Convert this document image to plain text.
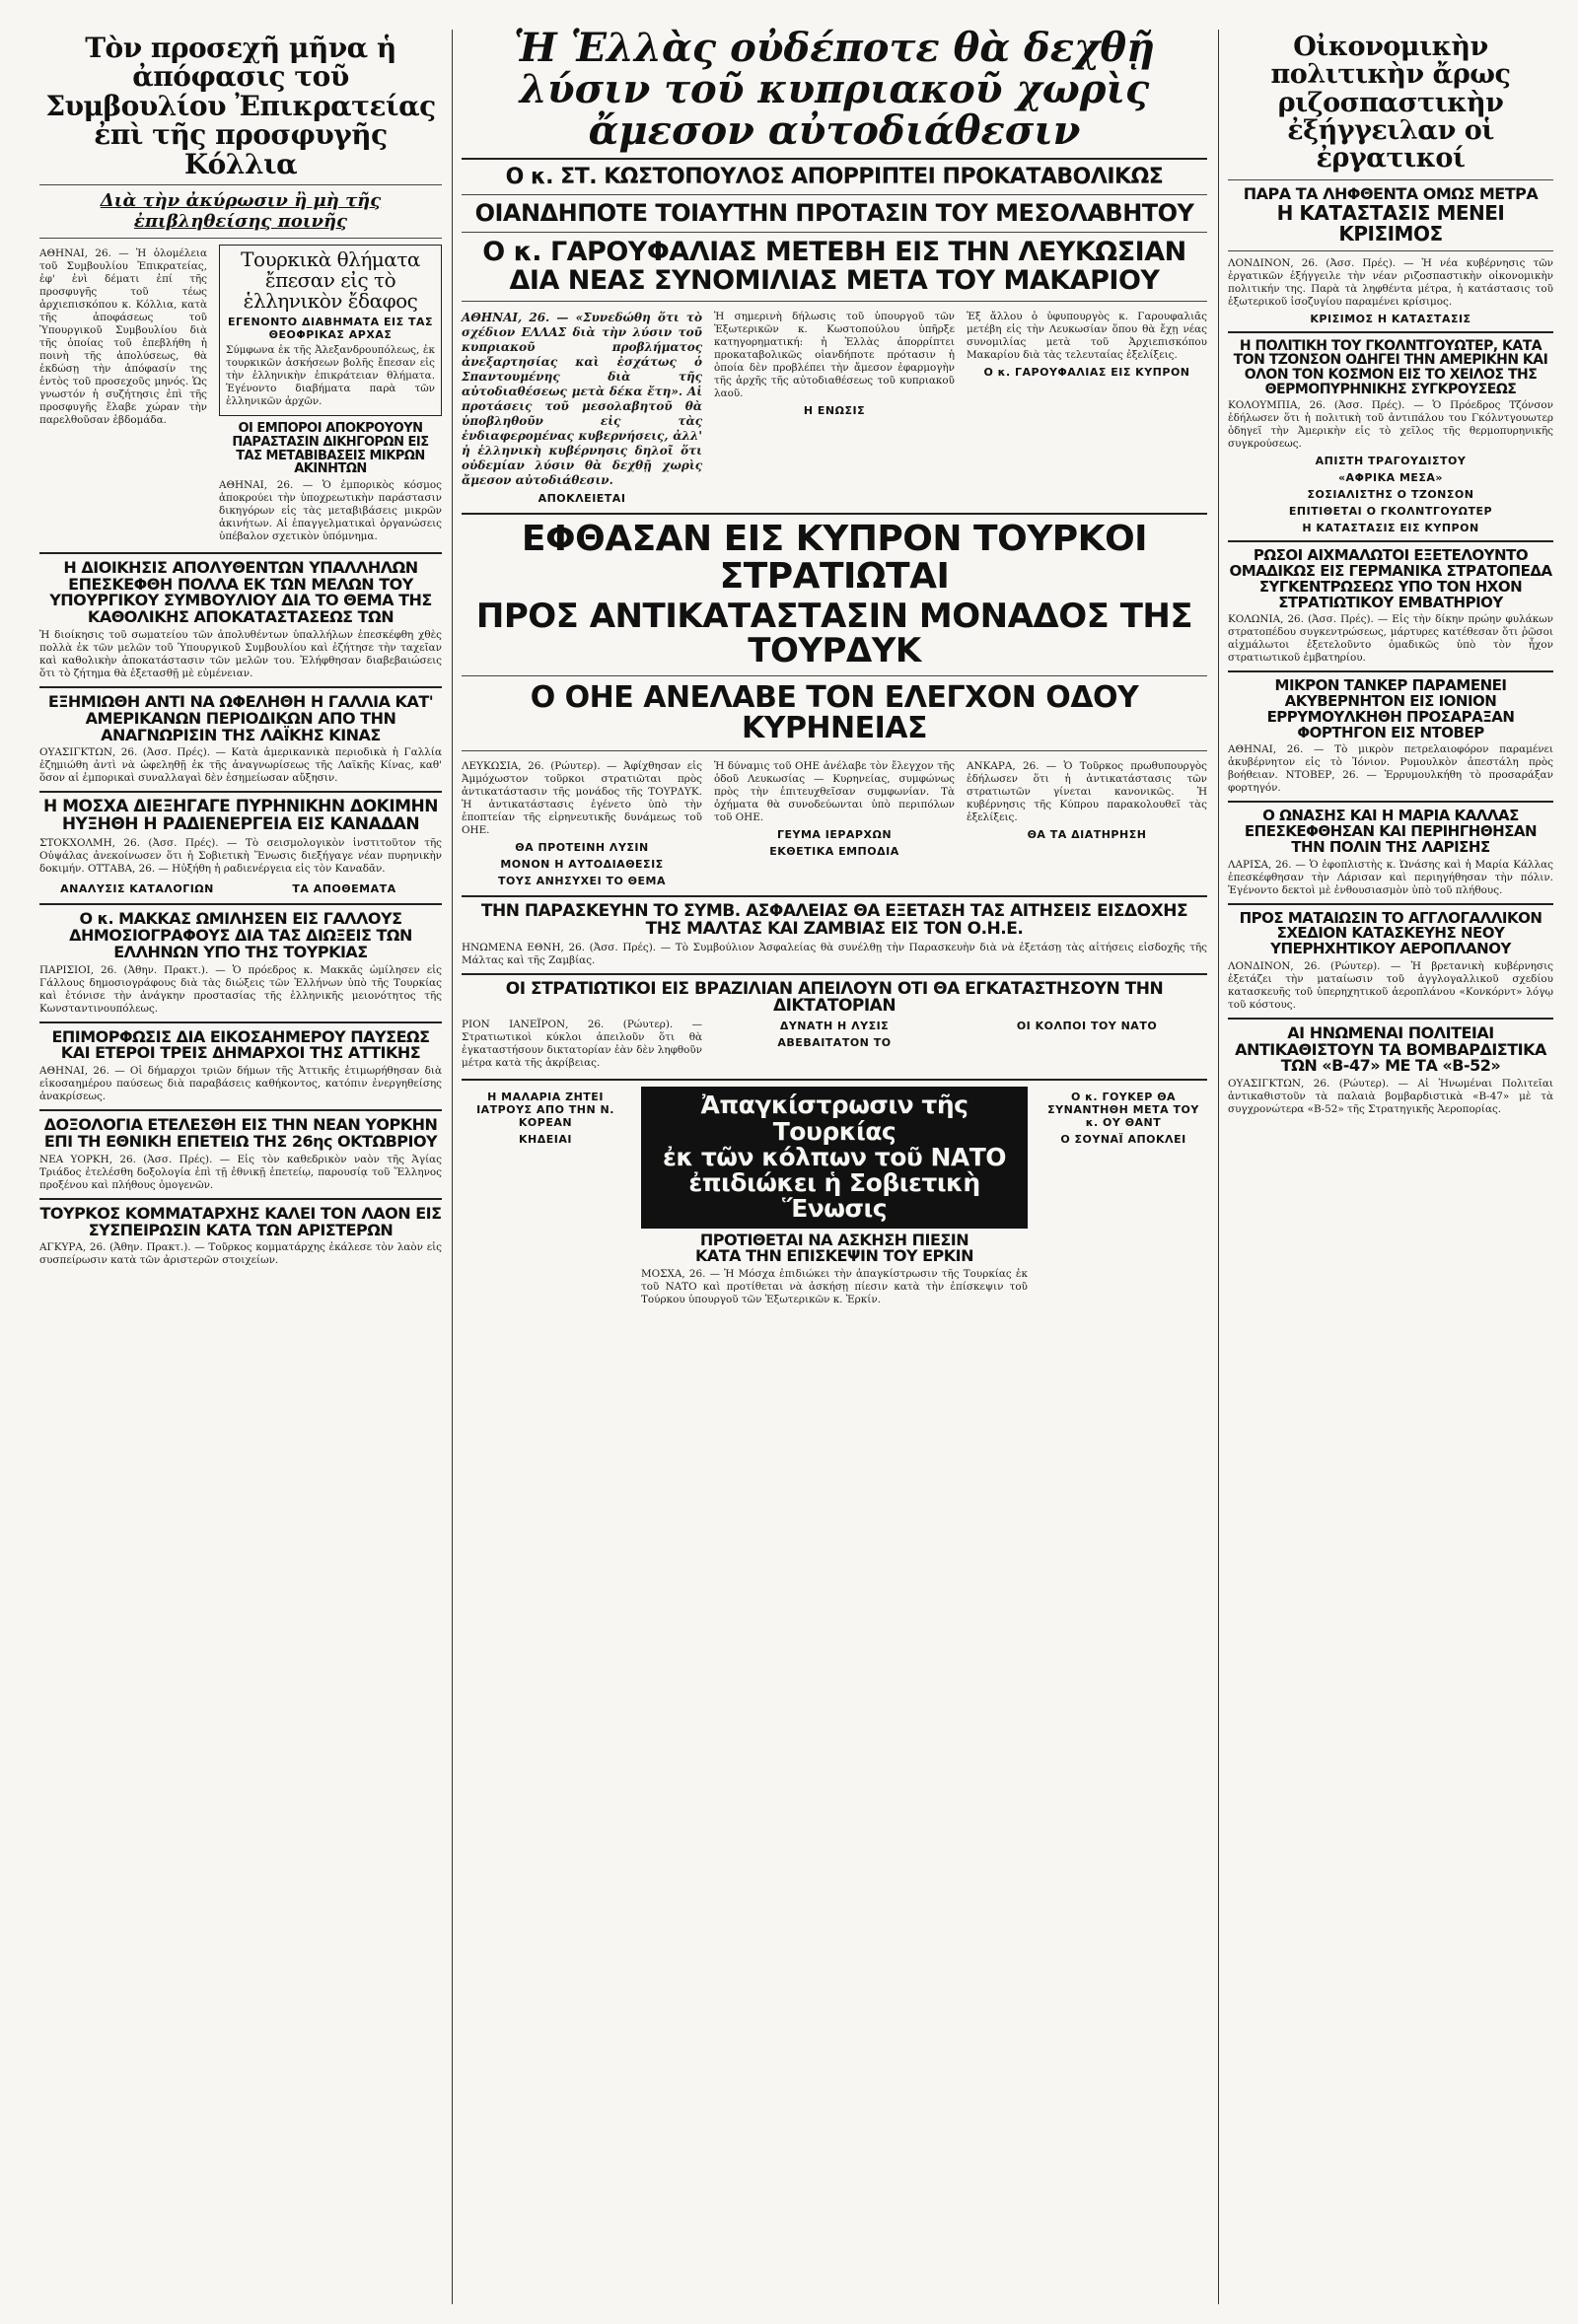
Τὸν προσεχῆ μῆνα ἡ ἀπόφασις τοῦ Συμβουλίου Ἐπικρατείας ἐπὶ τῆς προσφυγῆς Κόλλια
Διὰ τὴν ἀκύρωσιν ἢ μὴ τῆς ἐπιβληθείσης ποινῆς

ΑΘΗΝΑΙ, 26. — Ἡ ὁλομέλεια τοῦ Συμβουλίου Ἐπικρατείας, ἐφ' ἑνὶ δέματι ἐπί τῆς προσφυγῆς τοῦ τέως ἀρχιεπισκόπου κ. Κόλλια, κατὰ τῆς ἀποφάσεως τοῦ Ὑπουργικοῦ Συμβουλίου διὰ τῆς ὁποίας τοῦ ἐπεβλήθη ἡ ποινὴ τῆς ἀπολύσεως, θὰ ἐκδώσῃ τὴν ἀπόφασίν της ἐντὸς τοῦ προσεχοῦς μηνός. Ὡς γνωστόν ἡ συζήτησις ἐπὶ τῆς προσφυγῆς ἔλαβε χώραν τὴν παρελθοῦσαν ἑβδομάδα.

Τουρκικὰ θλήματα ἔπεσαν εἰς τὸ ἑλληνικὸν ἔδαφος
ΕΓΕΝΟΝΤΟ ΔΙΑΒΗΜΑΤΑ ΕΙΣ ΤΑΣ ΘΕΟΦΡΙΚΑΣ ΑΡΧΑΣ

Σύμφωνα ἐκ τῆς Ἀλεξανδρουπόλεως, ἐκ τουρκικῶν ἀσκήσεων βολῆς ἔπεσαν εἰς τὴν ἑλληνικὴν ἐπικράτειαν θλήματα. Ἐγένοντο διαβήματα παρὰ τῶν ἑλληνικῶν ἀρχῶν.

ΟΙ ΕΜΠΟΡΟΙ ΑΠΟΚΡΟΥΟΥΝ ΠΑΡΑΣΤΑΣΙΝ ΔΙΚΗΓΟΡΩΝ ΕΙΣ ΤΑΣ ΜΕΤΑΒΙΒΑΣΕΙΣ ΜΙΚΡΩΝ ΑΚΙΝΗΤΩΝ

ΑΘΗΝΑΙ, 26. — Ὁ ἐμπορικὸς κόσμος ἀποκρούει τὴν ὑποχρεωτικὴν παράστασιν δικηγόρων εἰς τὰς μεταβιβάσεις μικρῶν ἀκινήτων. Αἱ ἐπαγγελματικαὶ ὀργανώσεις ὑπέβαλον σχετικὸν ὑπόμνημα.

Η ΔΙΟΙΚΗΣΙΣ ΑΠΟΛΥΘΕΝΤΩΝ ΥΠΑΛΛΗΛΩΝ ΕΠΕΣΚΕΦΘΗ ΠΟΛΛΑ ΕΚ ΤΩΝ ΜΕΛΩΝ ΤΟΥ ΥΠΟΥΡΓΙΚΟΥ ΣΥΜΒΟΥΛΙΟΥ ΔΙΑ ΤΟ ΘΕΜΑ ΤΗΣ ΚΑΘΟΛΙΚΗΣ ΑΠΟΚΑΤΑΣΤΑΣΕΩΣ ΤΩΝ

Ἡ διοίκησις τοῦ σωματείου τῶν ἀπολυθέντων ὑπαλλήλων ἐπεσκέφθη χθὲς πολλὰ ἐκ τῶν μελῶν τοῦ Ὑπουργικοῦ Συμβουλίου καὶ ἐζήτησε τὴν ταχεῖαν καὶ καθολικὴν ἀποκατάστασιν τῶν μελῶν του. Ἐλήφθησαν διαβεβαιώσεις ὅτι τὸ ζήτημα θὰ ἐξετασθῇ μὲ εὐμένειαν.

ΕΞΗΜΙΩΘΗ ΑΝΤΙ ΝΑ ΩΦΕΛΗΘΗ Η ΓΑΛΛΙΑ ΚΑΤ' ΑΜΕΡΙΚΑΝΩΝ ΠΕΡΙΟΔΙΚΩΝ ΑΠΟ ΤΗΝ ΑΝΑΓΝΩΡΙΣΙΝ ΤΗΣ ΛΑΪΚΗΣ ΚΙΝΑΣ

ΟΥΑΣΙΓΚΤΩΝ, 26. (Ἀσσ. Πρές). — Κατὰ ἀμερικανικὰ περιοδικὰ ἡ Γαλλία ἐζημιώθη ἀντὶ νὰ ὠφεληθῇ ἐκ τῆς ἀναγνωρίσεως τῆς Λαϊκῆς Κίνας, καθ' ὅσον αἱ ἐμπορικαὶ συναλλαγαὶ δὲν ἐσημείωσαν αὔξησιν.

Η ΜΟΣΧΑ ΔΙΕΞΗΓΑΓΕ ΠΥΡΗΝΙΚΗΝ ΔΟΚΙΜΗΝ ΗΥΞΗΘΗ Η ΡΑΔΙΕΝΕΡΓΕΙΑ ΕΙΣ ΚΑΝΑΔΑΝ

ΣΤΟΚΧΟΛΜΗ, 26. (Ἀσσ. Πρές). — Τὸ σεισμολογικὸν ἰνστιτοῦτον τῆς Οὐψάλας ἀνεκοίνωσεν ὅτι ἡ Σοβιετικὴ Ἕνωσις διεξήγαγε νέαν πυρηνικὴν δοκιμήν. ΟΤΤΑΒΑ, 26. — Ηὐξήθη ἡ ραδιενέργεια εἰς τὸν Καναδᾶν.

ΑΝΑΛΥΣΙΣ ΚΑΤΑΛΟΓΙΩΝ	ΤΑ ΑΠΟΘΕΜΑΤΑ
Ο κ. ΜΑΚΚΑΣ ΩΜΙΛΗΣΕΝ ΕΙΣ ΓΑΛΛΟΥΣ ΔΗΜΟΣΙΟΓΡΑΦΟΥΣ ΔΙΑ ΤΑΣ ΔΙΩΞΕΙΣ ΤΩΝ ΕΛΛΗΝΩΝ ΥΠΟ ΤΗΣ ΤΟΥΡΚΙΑΣ

ΠΑΡΙΣΙΟΙ, 26. (Ἀθην. Πρακτ.). — Ὁ πρόεδρος κ. Μακκᾶς ὡμίλησεν εἰς Γάλλους δημοσιογράφους διὰ τὰς διώξεις τῶν Ἑλλήνων ὑπὸ τῆς Τουρκίας καὶ ἐτόνισε τὴν ἀνάγκην προστασίας τῆς ἑλληνικῆς μειονότητος τῆς Κωνσταντινουπόλεως.

ΕΠΙΜΟΡΦΩΣΙΣ ΔΙΑ ΕΙΚΟΣΑΗΜΕΡΟΥ ΠΑΥΣΕΩΣ ΚΑΙ ΕΤΕΡΟΙ ΤΡΕΙΣ ΔΗΜΑΡΧΟΙ ΤΗΣ ΑΤΤΙΚΗΣ

ΑΘΗΝΑΙ, 26. — Οἱ δήμαρχοι τριῶν δήμων τῆς Ἀττικῆς ἐτιμωρήθησαν διὰ εἰκοσαημέρου παύσεως διὰ παραβάσεις καθήκοντος, κατόπιν ἐνεργηθείσης ἀνακρίσεως.

ΔΟΞΟΛΟΓΙΑ ΕΤΕΛΕΣΘΗ ΕΙΣ ΤΗΝ ΝΕΑΝ ΥΟΡΚΗΝ ΕΠΙ ΤΗ ΕΘΝΙΚΗ ΕΠΕΤΕΙΩ ΤΗΣ 26ης ΟΚΤΩΒΡΙΟΥ

ΝΕΑ ΥΟΡΚΗ, 26. (Ἀσσ. Πρές). — Εἰς τὸν καθεδρικὸν ναὸν τῆς Ἁγίας Τριάδος ἐτελέσθη δοξολογία ἐπὶ τῇ ἐθνικῇ ἐπετείῳ, παρουσίᾳ τοῦ Ἕλληνος προξένου καὶ πλήθους ὁμογενῶν.

ΤΟΥΡΚΟΣ ΚΟΜΜΑΤΑΡΧΗΣ ΚΑΛΕΙ ΤΟΝ ΛΑΟΝ ΕΙΣ ΣΥΣΠΕΙΡΩΣΙΝ ΚΑΤΑ ΤΩΝ ΑΡΙΣΤΕΡΩΝ

ΑΓΚΥΡΑ, 26. (Ἀθην. Πρακτ.). — Τοῦρκος κομματάρχης ἐκάλεσε τὸν λαὸν εἰς συσπείρωσιν κατὰ τῶν ἀριστερῶν στοιχείων.

Ἡ Ἑλλὰς οὐδέποτε θὰ δεχθῇ λύσιν τοῦ κυπριακοῦ χωρὶς ἄμεσον αὐτοδιάθεσιν
Ο κ. ΣΤ. ΚΩΣΤΟΠΟΥΛΟΣ ΑΠΟΡΡΙΠΤΕΙ ΠΡΟΚΑΤΑΒΟΛΙΚΩΣ
ΟΙΑΝΔΗΠΟΤΕ ΤΟΙΑΥΤΗΝ ΠΡΟΤΑΣΙΝ ΤΟΥ ΜΕΣΟΛΑΒΗΤΟΥ
Ο κ. ΓΑΡΟΥΦΑΛΙΑΣ ΜΕΤΕΒΗ ΕΙΣ ΤΗΝ ΛΕΥΚΩΣΙΑΝ ΔΙΑ ΝΕΑΣ ΣΥΝΟΜΙΛΙΑΣ ΜΕΤΑ ΤΟΥ ΜΑΚΑΡΙΟΥ

ΑΘΗΝΑΙ, 26. — «Συνεδώθη ὅτι τὸ σχέδιον ΕΛΛΑΣ διὰ τὴν λύσιν τοῦ κυπριακοῦ προβλήματος ἀνεξαρτησίας καὶ ἐσχάτως ὁ Σπαντουμένης διὰ τῆς αὐτοδιαθέσεως μετὰ δέκα ἔτη». Αἱ προτάσεις τοῦ μεσολαβητοῦ θὰ ὑποβληθοῦν εἰς τὰς ἐνδιαφερομένας κυβερνήσεις, ἀλλ' ἡ ἑλληνικὴ κυβέρνησις δηλοῖ ὅτι οὐδεμίαν λύσιν θὰ δεχθῇ χωρὶς ἄμεσον αὐτοδιάθεσιν.

ΑΠΟΚΛΕΙΕΤΑΙ

Ἡ σημερινὴ δήλωσις τοῦ ὑπουργοῦ τῶν Ἐξωτερικῶν κ. Κωστοπούλου ὑπῆρξε κατηγορηματική: ἡ Ἑλλὰς ἀπορρίπτει προκαταβολικῶς οἱανδήποτε πρότασιν ἡ ὁποία δὲν προβλέπει τὴν ἄμεσον ἐφαρμογὴν τῆς ἀρχῆς τῆς αὐτοδιαθέσεως τοῦ κυπριακοῦ λαοῦ.

Η ΕΝΩΣΙΣ

Ἐξ ἄλλου ὁ ὑφυπουργὸς κ. Γαρουφαλιᾶς μετέβη εἰς τὴν Λευκωσίαν ὅπου θὰ ἔχῃ νέας συνομιλίας μετὰ τοῦ Ἀρχιεπισκόπου Μακαρίου διὰ τὰς τελευταίας ἐξελίξεις.

Ο κ. ΓΑΡΟΥΦΑΛΙΑΣ ΕΙΣ ΚΥΠΡΟΝ
ΕΦΘΑΣΑΝ ΕΙΣ ΚΥΠΡΟΝ ΤΟΥΡΚΟΙ ΣΤΡΑΤΙΩΤΑΙ
ΠΡΟΣ ΑΝΤΙΚΑΤΑΣΤΑΣΙΝ ΜΟΝΑΔΟΣ ΤΗΣ ΤΟΥΡΔΥΚ
Ο ΟΗΕ ΑΝΕΛΑΒΕ ΤΟΝ ΕΛΕΓΧΟΝ ΟΔΟΥ ΚΥΡΗΝΕΙΑΣ

ΛΕΥΚΩΣΙΑ, 26. (Ρώυτερ). — Ἀφίχθησαν εἰς Ἀμμόχωστον τοῦρκοι στρατιῶται πρὸς ἀντικατάστασιν τῆς μονάδος τῆς ΤΟΥΡΔΥΚ. Ἡ ἀντικατάστασις ἐγένετο ὑπὸ τὴν ἐποπτείαν τῆς εἰρηνευτικῆς δυνάμεως τοῦ ΟΗΕ.

ΘΑ ΠΡΟΤΕΙΝΗ ΛΥΣΙΝ
ΜΟΝΟΝ Η ΑΥΤΟΔΙΑΘΕΣΙΣ
ΤΟΥΣ ΑΝΗΣΥΧΕΙ ΤΟ ΘΕΜΑ

Ἡ δύναμις τοῦ ΟΗΕ ἀνέλαβε τὸν ἔλεγχον τῆς ὁδοῦ Λευκωσίας — Κυρηνείας, συμφώνως πρὸς τὴν ἐπιτευχθεῖσαν συμφωνίαν. Τὰ ὀχήματα θὰ συνοδεύωνται ὑπὸ περιπόλων τοῦ ΟΗΕ.

ΓΕΥΜΑ ΙΕΡΑΡΧΩΝ
ΕΚΘΕΤΙΚΑ ΕΜΠΟΔΙΑ

ΑΝΚΑΡΑ, 26. — Ὁ Τοῦρκος πρωθυπουργὸς ἐδήλωσεν ὅτι ἡ ἀντικατάστασις τῶν στρατιωτῶν γίνεται κανονικῶς. Ἡ κυβέρνησις τῆς Κύπρου παρακολουθεῖ τὰς ἐξελίξεις.

ΘΑ ΤΑ ΔΙΑΤΗΡΗΣΗ
ΤΗΝ ΠΑΡΑΣΚΕΥΗΝ ΤΟ ΣΥΜΒ. ΑΣΦΑΛΕΙΑΣ ΘΑ ΕΞΕΤΑΣΗ ΤΑΣ ΑΙΤΗΣΕΙΣ ΕΙΣΔΟΧΗΣ ΤΗΣ ΜΑΛΤΑΣ ΚΑΙ ΖΑΜΒΙΑΣ ΕΙΣ ΤΟΝ Ο.Η.Ε.

ΗΝΩΜΕΝΑ ΕΘΝΗ, 26. (Ἀσσ. Πρές). — Τὸ Συμβούλιον Ἀσφαλείας θὰ συνέλθῃ τὴν Παρασκευὴν διὰ νὰ ἐξετάσῃ τὰς αἰτήσεις εἰσδοχῆς τῆς Μάλτας καὶ τῆς Ζαμβίας.

ΟΙ ΣΤΡΑΤΙΩΤΙΚΟΙ ΕΙΣ ΒΡΑΖΙΛΙΑΝ ΑΠΕΙΛΟΥΝ ΟΤΙ ΘΑ ΕΓΚΑΤΑΣΤΗΣΟΥΝ ΤΗΝ ΔΙΚΤΑΤΟΡΙΑΝ

ΡΙΟΝ ΙΑΝΕΪΡΟΝ, 26. (Ρώυτερ). — Στρατιωτικοὶ κύκλοι ἀπειλοῦν ὅτι θὰ ἐγκαταστήσουν δικτατορίαν ἐὰν δὲν ληφθοῦν μέτρα κατὰ τῆς ἀκρίβειας.

ΔΥΝΑΤΗ Η ΛΥΣΙΣ
ΑΒΕΒΑΙΤΑΤΟΝ ΤΟ
ΟΙ ΚΟΛΠΟΙ ΤΟΥ ΝΑΤΟ
Η ΜΑΛΑΡΙΑ ΖΗΤΕΙ ΙΑΤΡΟΥΣ ΑΠΟ ΤΗΝ Ν. ΚΟΡΕΑΝ
ΚΗΔΕΙΑΙ
Ἀπαγκίστρωσιν τῆς Τουρκίας
ἐκ τῶν κόλπων τοῦ ΝΑΤΟ
ἐπιδιώκει ἡ Σοβιετικὴ Ἕνωσις
ΠΡΟΤΙΘΕΤΑΙ ΝΑ ΑΣΚΗΣΗ ΠΙΕΣΙΝ
ΚΑΤΑ ΤΗΝ ΕΠΙΣΚΕΨΙΝ ΤΟΥ ΕΡΚΙΝ

ΜΟΣΧΑ, 26. — Ἡ Μόσχα ἐπιδιώκει τὴν ἀπαγκίστρωσιν τῆς Τουρκίας ἐκ τοῦ ΝΑΤΟ καὶ προτίθεται νὰ ἀσκήσῃ πίεσιν κατὰ τὴν ἐπίσκεψιν τοῦ Τούρκου ὑπουργοῦ τῶν Ἐξωτερικῶν κ. Ἐρκίν.

Ο κ. ΓΟΥΚΕΡ ΘΑ ΣΥΝΑΝΤΗΘΗ ΜΕΤΑ ΤΟΥ κ. ΟΥ ΘΑΝΤ
Ο ΣΟΥΝΑΪ ΑΠΟΚΛΕΙ
Οἰκονομικὴν πολιτικὴν ἄρως ριζοσπαστικὴν ἐξήγγειλαν οἱ ἐργατικοί
ΠΑΡΑ ΤΑ ΛΗΦΘΕΝΤΑ ΟΜΩΣ ΜΕΤΡΑ
Η ΚΑΤΑΣΤΑΣΙΣ ΜΕΝΕΙ ΚΡΙΣΙΜΟΣ

ΛΟΝΔΙΝΟΝ, 26. (Ἀσσ. Πρές). — Ἡ νέα κυβέρνησις τῶν ἐργατικῶν ἐξήγγειλε τὴν νέαν ριζοσπαστικὴν οἰκονομικὴν πολιτικήν της. Παρὰ τὰ ληφθέντα μέτρα, ἡ κατάστασις τοῦ ἐξωτερικοῦ ἰσοζυγίου παραμένει κρίσιμος.

ΚΡΙΣΙΜΟΣ Η ΚΑΤΑΣΤΑΣΙΣ
Η ΠΟΛΙΤΙΚΗ ΤΟΥ ΓΚΟΛΝΤΓΟΥΩΤΕΡ, ΚΑΤΑ ΤΟΝ ΤΖΟΝΣΟΝ ΟΔΗΓΕΙ ΤΗΝ ΑΜΕΡΙΚΗΝ ΚΑΙ ΟΛΟΝ ΤΟΝ ΚΟΣΜΟΝ ΕΙΣ ΤΟ ΧΕΙΛΟΣ ΤΗΣ ΘΕΡΜΟΠΥΡΗΝΙΚΗΣ ΣΥΓΚΡΟΥΣΕΩΣ

ΚΟΛΟΥΜΠΙΑ, 26. (Ἀσσ. Πρές). — Ὁ Πρόεδρος Τζόνσον ἐδήλωσεν ὅτι ἡ πολιτικὴ τοῦ ἀντιπάλου του Γκόλντγουωτερ ὁδηγεῖ τὴν Ἀμερικὴν εἰς τὸ χεῖλος τῆς θερμοπυρηνικῆς συγκρούσεως.

ΑΠΙΣΤΗ ΤΡΑΓΟΥΔΙΣΤΟΥ
«ΑΦΡΙΚΑ ΜΕΣΑ»
ΣΟΣΙΑΛΙΣΤΗΣ Ο ΤΖΟΝΣΟΝ
ΕΠΙΤΙΘΕΤΑΙ Ο ΓΚΟΛΝΤΓΟΥΩΤΕΡ
Η ΚΑΤΑΣΤΑΣΙΣ ΕΙΣ ΚΥΠΡΟΝ
ΡΩΣΟΙ ΑΙΧΜΑΛΩΤΟΙ ΕΞΕΤΕΛΟΥΝΤΟ ΟΜΑΔΙΚΩΣ ΕΙΣ ΓΕΡΜΑΝΙΚΑ ΣΤΡΑΤΟΠΕΔΑ ΣΥΓΚΕΝΤΡΩΣΕΩΣ ΥΠΟ ΤΟΝ ΗΧΟΝ ΣΤΡΑΤΙΩΤΙΚΟΥ ΕΜΒΑΤΗΡΙΟΥ

ΚΟΛΩΝΙΑ, 26. (Ἀσσ. Πρές). — Εἰς τὴν δίκην πρώην φυλάκων στρατοπέδου συγκεντρώσεως, μάρτυρες κατέθεσαν ὅτι ῥῶσοι αἰχμάλωτοι ἐξετελοῦντο ὁμαδικῶς ὑπὸ τὸν ἦχον στρατιωτικοῦ ἐμβατηρίου.

ΜΙΚΡΟΝ ΤΑΝΚΕΡ ΠΑΡΑΜΕΝΕΙ ΑΚΥΒΕΡΝΗΤΟΝ ΕΙΣ ΙΟΝΙΟΝ
ΕΡΡΥΜΟΥΛΚΗΘΗ ΠΡΟΣΑΡΑΞΑΝ ΦΟΡΤΗΓΟΝ ΕΙΣ ΝΤΟΒΕΡ

ΑΘΗΝΑΙ, 26. — Τὸ μικρὸν πετρελαιοφόρον παραμένει ἀκυβέρνητον εἰς τὸ Ἰόνιον. Ρυμουλκὸν ἀπεστάλη πρὸς βοήθειαν. ΝΤΟΒΕΡ, 26. — Ἐρρυμουλκήθη τὸ προσαράξαν φορτηγόν.

Ο ΩΝΑΣΗΣ ΚΑΙ Η ΜΑΡΙΑ ΚΑΛΛΑΣ ΕΠΕΣΚΕΦΘΗΣΑΝ ΚΑΙ ΠΕΡΙΗΓΗΘΗΣΑΝ ΤΗΝ ΠΟΛΙΝ ΤΗΣ ΛΑΡΙΣΗΣ

ΛΑΡΙΣΑ, 26. — Ὁ ἐφοπλιστὴς κ. Ὠνάσης καὶ ἡ Μαρία Κάλλας ἐπεσκέφθησαν τὴν Λάρισαν καὶ περιηγήθησαν τὴν πόλιν. Ἐγένοντο δεκτοὶ μὲ ἐνθουσιασμὸν ὑπὸ τοῦ πλήθους.

ΠΡΟΣ ΜΑΤΑΙΩΣΙΝ ΤΟ ΑΓΓΛΟΓΑΛΛΙΚΟΝ ΣΧΕΔΙΟΝ ΚΑΤΑΣΚΕΥΗΣ ΝΕΟΥ ΥΠΕΡΗΧΗΤΙΚΟΥ ΑΕΡΟΠΛΑΝΟΥ

ΛΟΝΔΙΝΟΝ, 26. (Ρώυτερ). — Ἡ βρετανικὴ κυβέρνησις ἐξετάζει τὴν ματαίωσιν τοῦ ἀγγλογαλλικοῦ σχεδίου κατασκευῆς τοῦ ὑπερηχητικοῦ ἀεροπλάνου «Κονκόρντ» λόγῳ τοῦ κόστους.

ΑΙ ΗΝΩΜΕΝΑΙ ΠΟΛΙΤΕΙΑΙ ΑΝΤΙΚΑΘΙΣΤΟΥΝ ΤΑ ΒΟΜΒΑΡΔΙΣΤΙΚΑ ΤΩΝ «Β-47» ΜΕ ΤΑ «Β-52»

ΟΥΑΣΙΓΚΤΩΝ, 26. (Ρώυτερ). — Αἱ Ἡνωμέναι Πολιτεῖαι ἀντικαθιστοῦν τὰ παλαιὰ βομβαρδιστικὰ «Β-47» μὲ τὰ συγχρονώτερα «Β-52» τῆς Στρατηγικῆς Ἀεροπορίας.
